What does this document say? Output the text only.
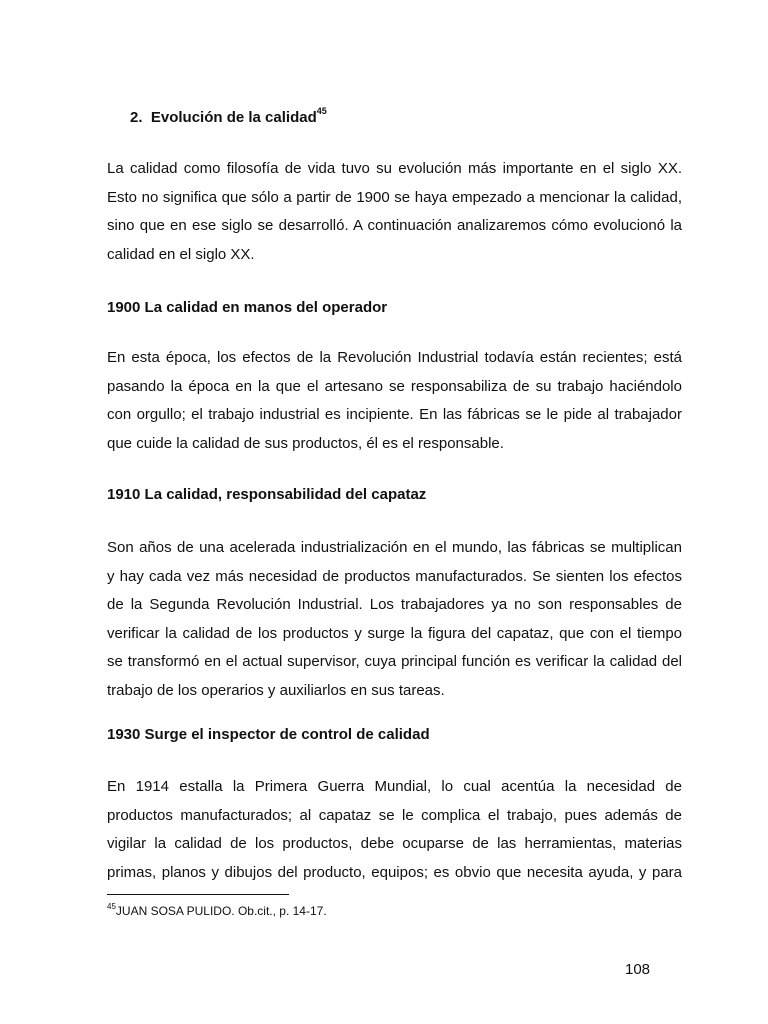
2. Evolución de la calidad$^{45}$
La calidad como filosofía de vida tuvo su evolución más importante en el siglo XX.
Esto no significa que sólo a partir de 1900 se haya empezado a mencionar la calidad,
sino que en ese siglo se desarrolló. A continuación analizaremos cómo evolucionó la
calidad en el siglo XX.
1900 La calidad en manos del operador
En esta época, los efectos de la Revolución Industrial todavía están recientes; está
pasando la época en la que el artesano se responsabiliza de su trabajo haciéndolo
con orgullo; el trabajo industrial es incipiente. En las fábricas se le pide al trabajador
que cuide la calidad de sus productos, él es el responsable.
1910 La calidad, responsabilidad del capataz
Son años de una acelerada industrialización en el mundo, las fábricas se multiplican
y hay cada vez más necesidad de productos manufacturados. Se sienten los efectos
de la Segunda Revolución Industrial. Los trabajadores ya no son responsables de
verificar la calidad de los productos y surge la figura del capataz, que con el tiempo
se transformó en el actual supervisor, cuya principal función es verificar la calidad del
trabajo de los operarios y auxiliarlos en sus tareas.
1930 Surge el inspector de control de calidad
En 1914 estalla la Primera Guerra Mundial, lo cual acentúa la necesidad de
productos manufacturados; al capataz se le complica el trabajo, pues además de
vigilar la calidad de los productos, debe ocuparse de las herramientas, materias
primas, planos y dibujos del producto, equipos; es obvio que necesita ayuda, y para
$^{45}$JUAN SOSA PULIDO. Ob.cit., p. 14-17.
108
